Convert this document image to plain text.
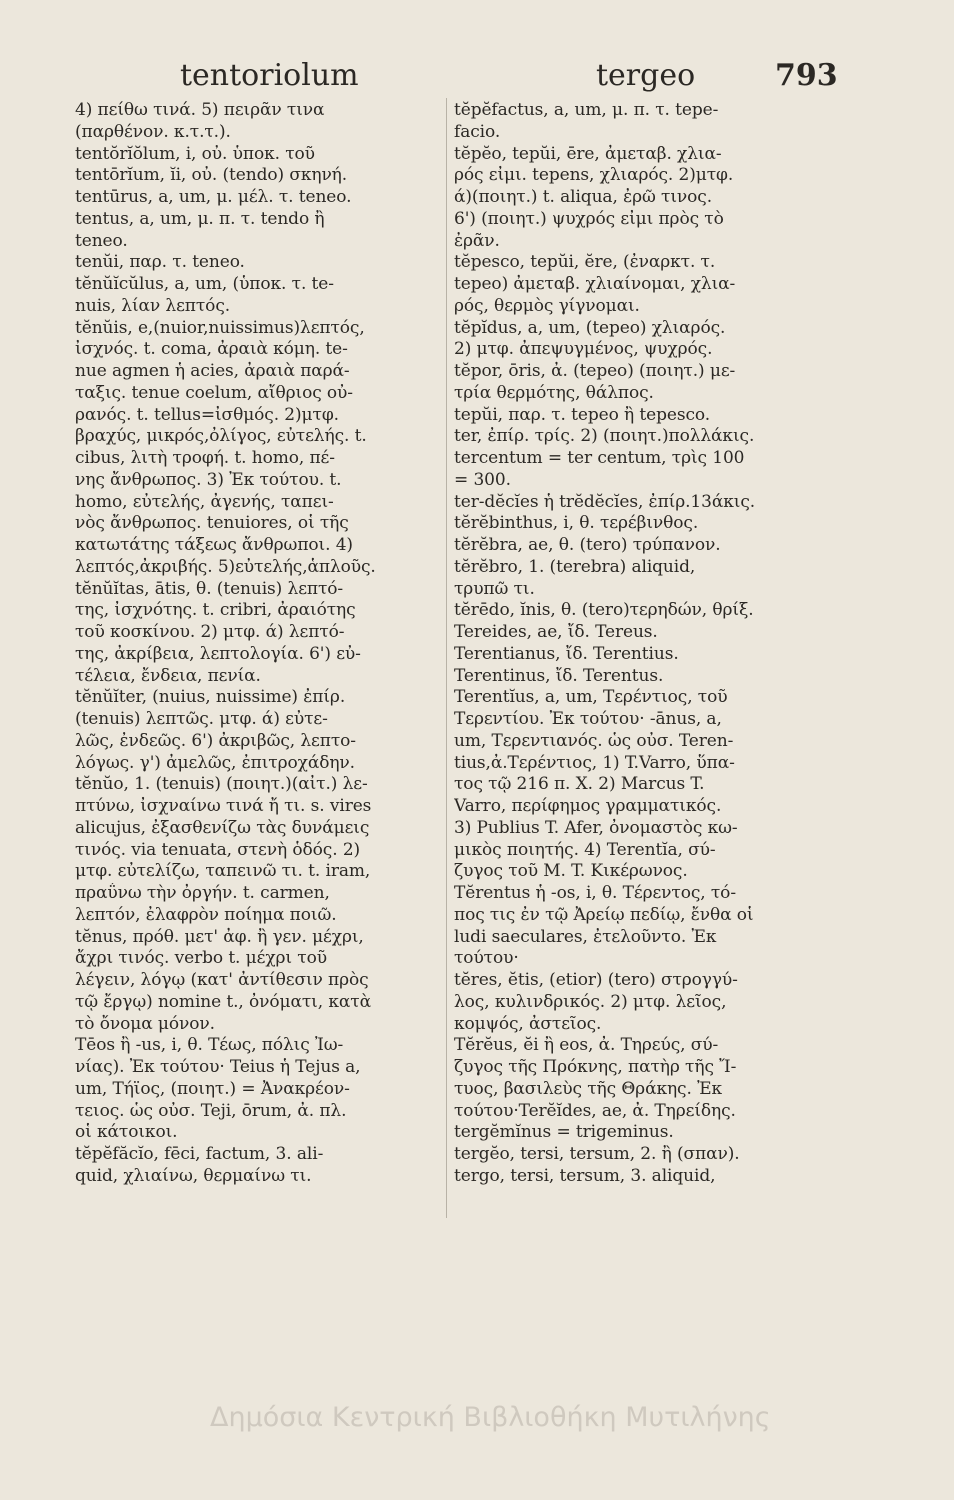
tentoriolum	tergeo	793
4) πείθω τινά. 5) πειρᾶν τινα
(παρθένον. κ.τ.τ.).
tentŏrĭŏlum, i, οὐ. ὑποκ. τοῦ
tentōrĭum, ĭi, οὐ. (tendo) σκηνή.
tentūrus, a, um, μ. μέλ. τ. teneo.
tentus, a, um, μ. π. τ. tendo ἢ
teneo.
tenŭi, παρ. τ. teneo.
tĕnŭĭcŭlus, a, um, (ὑποκ. τ. te-
nuis, λίαν λεπτός.
tĕnŭis, e,(nuior,nuissimus)λεπτός,
ἰσχνός. t. coma, ἀραιὰ κόμη. te-
nue agmen ἡ acies, ἀραιὰ παρά-
ταξις. tenue coelum, αἴθριος οὐ-
ρανός. t. tellus=ἰσθμός. 2)μτφ.
βραχύς, μικρός,ὀλίγος, εὐτελής. t.
cibus, λιτὴ τροφή. t. homo, πέ-
νης ἄνθρωπος. 3) Ἐκ τούτου. t.
homo, εὐτελής, ἀγενής, ταπει-
νὸς ἄνθρωπος. tenuiores, οἱ τῆς
κατωτάτης τάξεως ἄνθρωποι. 4)
λεπτός,ἀκριβής. 5)εὐτελής,ἁπλοῦς.
tĕnŭĭtas, ātis, θ. (tenuis) λεπτό-
της, ἰσχνότης. t. cribri, ἀραιότης
τοῦ κοσκίνου. 2) μτφ. ά) λεπτό-
της, ἀκρίβεια, λεπτολογία. 6') εὐ-
τέλεια, ἔνδεια, πενία.
tĕnŭĭter, (nuius, nuissime) ἐπίρ.
(tenuis) λεπτῶς. μτφ. ά) εὐτε-
λῶς, ἐνδεῶς. 6') ἀκριβῶς, λεπτο-
λόγως. γ') ἀμελῶς, ἐπιτροχάδην.
tĕnŭo, 1. (tenuis) (ποιητ.)(αἰτ.) λε-
πτύνω, ἰσχναίνω τινά ἤ τι. s. vires
alicujus, ἐξασθενίζω τὰς δυνάμεις
τινός. via tenuata, στενὴ ὁδός. 2)
μτφ. εὐτελίζω, ταπεινῶ τι. t. iram,
πραΰνω τὴν ὀργήν. t. carmen,
λεπτόν, ἐλαφρὸν ποίημα ποιῶ.
tĕnus, πρόθ. μετ' ἀφ. ἢ γεν. μέχρι,
ἄχρι τινός. verbo t. μέχρι τοῦ
λέγειν, λόγῳ (κατ' ἀντίθεσιν πρὸς
τῷ ἔργῳ) nomine t., ὀνόματι, κατὰ
τὸ ὄνομα μόνον.
Tēos ἢ -us, i, θ. Τέως, πόλις Ἰω-
νίας). Ἐκ τούτου· Teius ἡ Tejus a,
um, Τήϊος, (ποιητ.) = Ἀνακρέον-
τειος. ὡς οὐσ. Teji, ōrum, ἀ. πλ.
οἱ κάτοικοι.
tĕpĕfăcĭo, fēci, factum, 3. ali-
quid, χλιαίνω, θερμαίνω τι.
tĕpĕfactus, a, um, μ. π. τ. tepe-
facio.
tĕpĕo, tepŭi, ēre, ἀμεταβ. χλια-
ρός εἰμι. tepens, χλιαρός. 2)μτφ.
ά)(ποιητ.) t. aliqua, ἐρῶ τινος.
6') (ποιητ.) ψυχρός εἰμι πρὸς τὸ
ἐρᾶν.
tĕpesco, tepŭi, ĕre, (ἐναρκτ. τ.
tepeo) ἀμεταβ. χλιαίνομαι, χλια-
ρός, θερμὸς γίγνομαι.
tĕpĭdus, a, um, (tepeo) χλιαρός.
2) μτφ. ἀπεψυγμένος, ψυχρός.
tĕpor, ōris, ἀ. (tepeo) (ποιητ.) με-
τρία θερμότης, θάλπος.
tepŭi, παρ. τ. tepeo ἢ tepesco.
ter, ἐπίρ. τρίς. 2) (ποιητ.)πολλάκις.
tercentum = ter centum, τρὶς 100
= 300.
ter-dĕcĭes ἡ trĕdĕcĭes, ἐπίρ.13άκις.
tĕrĕbinthus, i, θ. τερέβινθος.
tĕrĕbra, ae, θ. (tero) τρύπανον.
tĕrĕbro, 1. (terebra) aliquid,
τρυπῶ τι.
tĕrēdo, ĭnis, θ. (tero)τερηδών, θρίξ.
Tereides, ae, ἴδ. Tereus.
Terentianus, ἴδ. Terentius.
Terentinus, ἴδ. Terentus.
Terentĭus, a, um, Τερέντιος, τοῦ
Τερεντίου. Ἐκ τούτου· -ānus, a,
um, Τερεντιανός. ὡς οὐσ. Teren-
tius,ἀ.Τερέντιος, 1) T.Varro, ὕπα-
τος τῷ 216 π. X. 2) Marcus T.
Varro, περίφημος γραμματικός.
3) Publius T. Afer, ὀνομαστὸς κω-
μικὸς ποιητής. 4) Terentĭa, σύ-
ζυγος τοῦ M. T. Κικέρωνος.
Tĕrentus ἡ -os, i, θ. Τέρεντος, τό-
πος τις ἐν τῷ Ἀρείῳ πεδίῳ, ἔνθα οἱ
ludi saeculares, ἐτελοῦντο. Ἐκ
τούτου·
tĕres, ĕtis, (etior) (tero) στρογγύ-
λος, κυλινδρικός. 2) μτφ. λεῖος,
κομψός, ἀστεῖος.
Tĕrĕus, ĕi ἢ eos, ἀ. Τηρεύς, σύ-
ζυγος τῆς Πρόκνης, πατὴρ τῆς Ἴ-
τυος, βασιλεὺς τῆς Θράκης. Ἐκ
τούτου·Terĕĭdes, ae, ἀ. Τηρείδης.
tergĕmĭnus = trigeminus.
tergĕo, tersi, tersum, 2. ἢ (σπαν).
tergo, tersi, tersum, 3. aliquid,
Δημόσια Κεντρική Βιβλιοθήκη Μυτιλήνης
